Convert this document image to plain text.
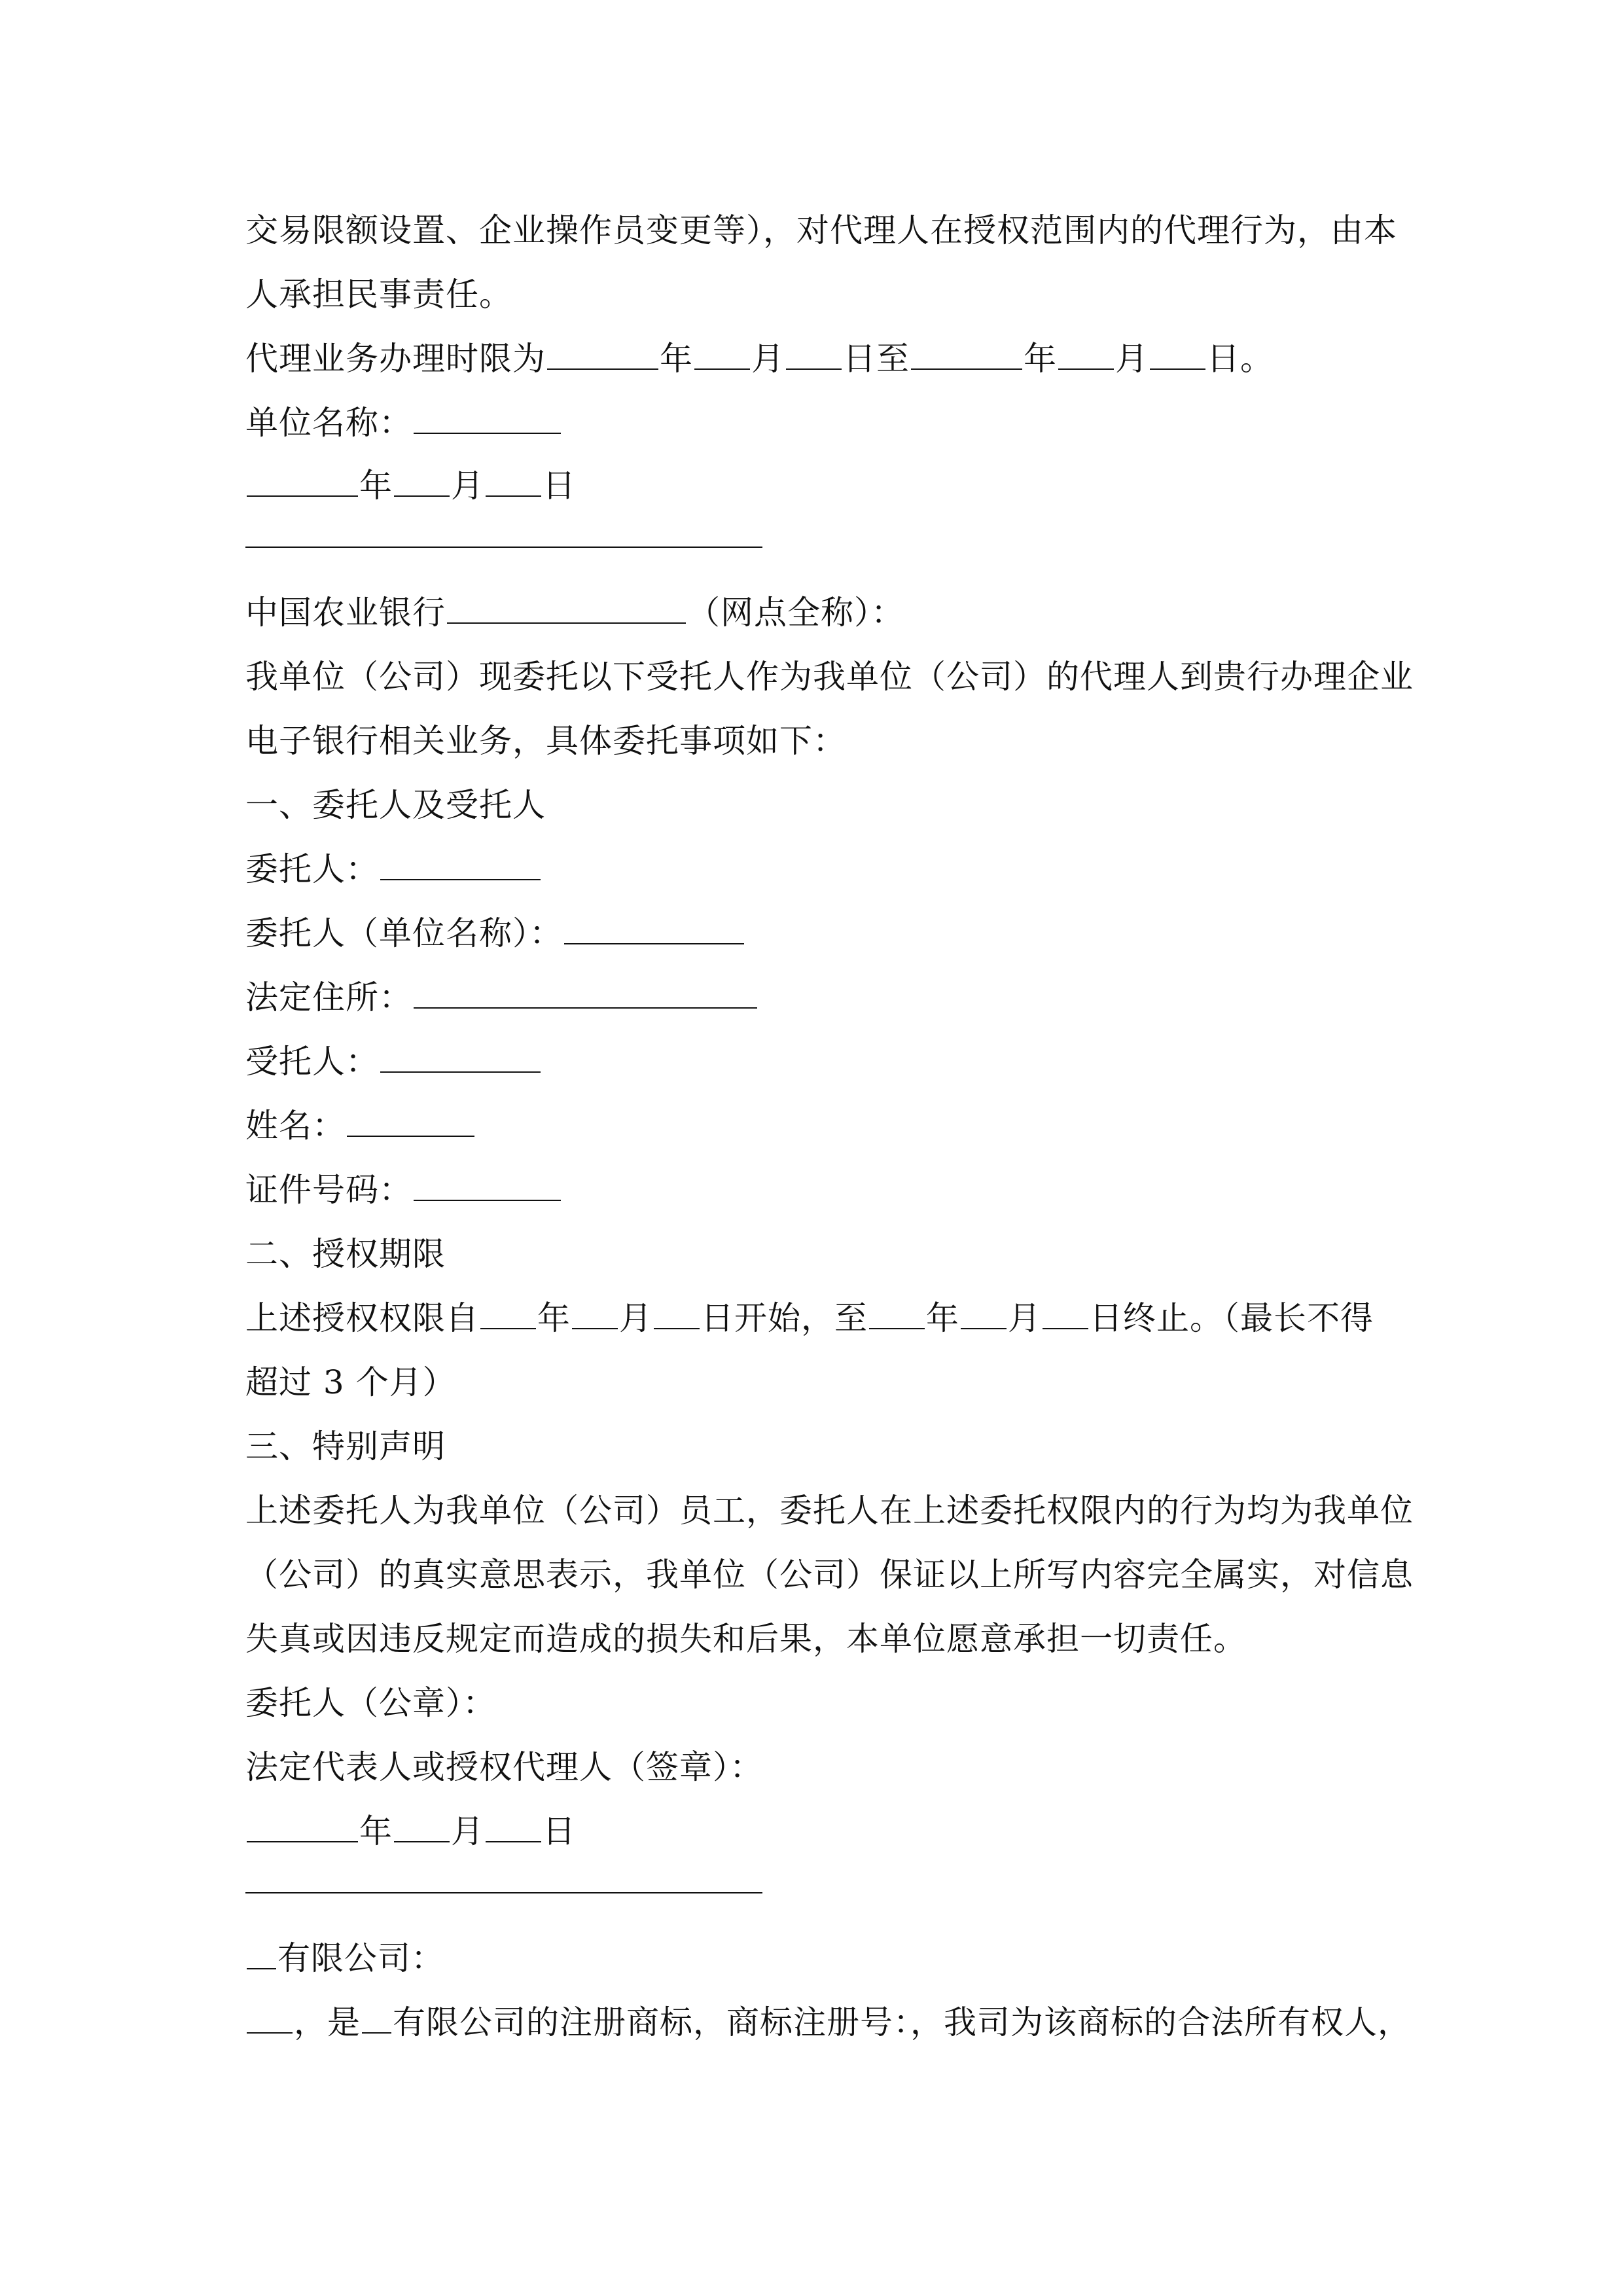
交易限额设置、企业操作员变更等），对代理人在授权范围内的代理行为，由本
人承担民事责任。
代理业务办理时限为	年 月 日至	年 月 日。
单位名称：
年 月 日
中国农业银行	（网点全称）：
我单位（公司）现委托以下受托人作为我单位（公司）的代理人到贵行办理企业
电子银行相关业务，具体委托事项如下：
一、委托人及受托人
委托人：
委托人（单位名称）：
法定住所：
受托人：
姓名：
证件号码：
二、授权期限
上述授权权限自 年 月 日开始，至 年 月 日终止。（最长不得
超过 3 个月）
三、特别声明
上述委托人为我单位（公司）员工，委托人在上述委托权限内的行为均为我单位
（公司）的真实意思表示，我单位（公司）保证以上所写内容完全属实，对信息
失真或因违反规定而造成的损失和后果，本单位愿意承担一切责任。
委托人（公章）：
法定代表人或授权代理人（签章）：
年 月 日
有限公司：
，是 有限公司的注册商标，商标注册号：，我司为该商标的合法所有权人，
